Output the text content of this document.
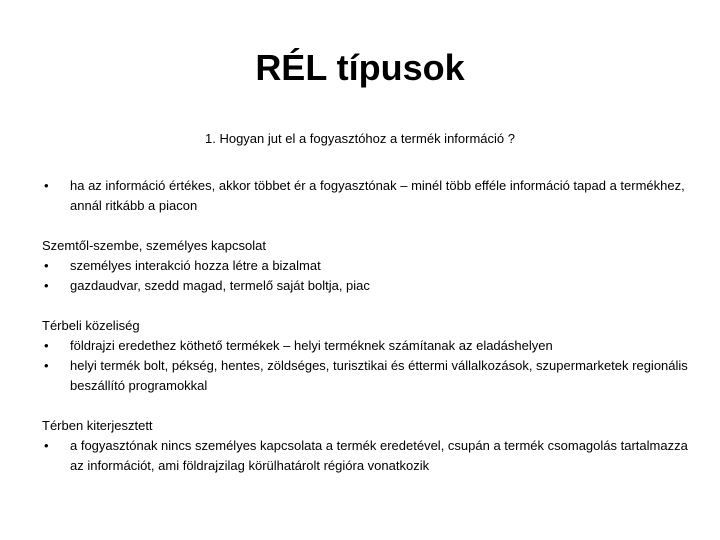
RÉL típusok
1. Hogyan jut el a fogyasztóhoz a termék információ ?
•	ha az információ értékes, akkor többet ér a fogyasztónak – minél több efféle információ tapad a termékhez, annál ritkább a piacon
Szemtől-szembe, személyes kapcsolat
•	személyes interakció hozza létre a bizalmat
•	gazdaudvar, szedd magad, termelő saját boltja, piac
Térbeli közeliség
•	földrajzi eredethez köthető termékek – helyi terméknek számítanak az eladáshelyen
•	helyi termék bolt, pékség, hentes, zöldséges, turisztikai és éttermi vállalkozások, szupermarketek regionális beszállító programokkal
Térben kiterjesztett
•	a fogyasztónak nincs személyes kapcsolata a termék eredetével, csupán a termék csomagolás tartalmazza az információt, ami földrajzilag körülhatárolt régióra vonatkozik
